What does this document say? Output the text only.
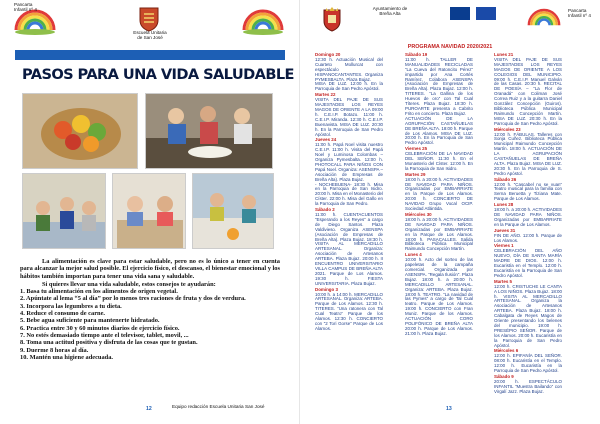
Pancarta
Infantil nº 4
Escuela Unitaria
de San José
PASOS PARA UNA VIDA SALUDABLE

La alimentación es clave para estar saludable, pero no es lo único a tener en cuenta para alcanzar la mejor salud posible. El ejercicio físico, el descanso, el bienestar emocional y los hábitos también importan para tener una vida sana y saludable.

Si quieres llevar una vida saludable, estos consejos te ayudarán:

1. Basa tu alimentación en los alimentos de origen vegetal.
2. Apúntate al lema “5 al día” por lo menos tres raciones de fruta y dos de verdura.
3. Incorpora las legumbres a tu dieta.
4. Reduce el consumo de carne.
5. Bebe agua suficiente para mantenerte hidratado.
6. Practica entre 30 y 60 minutos diarios de ejercicio físico.
7. No estés demasiado tiempo ante el televisor, tablet, movil, ...
8. Toma una actitud positiva y disfruta de las cosas que te gustan.
9. Duerme 8 horas al día.
10. Mantén una higiene adecuada.
Equipo redacción Escuela Unitaria San José
12
Ayuntamiento de
Breña Alta
Pancarta
Infantil nº 4
PROGRAMA NAVIDAD 2020/2021
Domingo 20

12:30 h. Actuación Musical del Cuarteto Mollurcat con espectáculo HISPANOCANTANTES. Organiza PYMESBALTA. Plaza Bujaz.

MISA DE LUZ. 12:00 h. En la Parroquia de San Pedro Apóstol.

Martes 22

VISITA DEL PAJE DE SUS MAJESTADES LOS REYES MAGOS DE ORIENTE A LA 09:00 h. C.E.I.P. Botazo. 11:00 h. C.E.I.P. Miranda. 12:30 h. C.E.I.P. Buenavista. MISA DE LUZ. 20:30 h. En la Parroquia de San Pedro Apóstol.

Jueves 24

11:00 h. Papá Noel visita nuestro C.E.I.P. 11:00 h. Visita del Papá Noel y Luminosa Colombas – Organiza Pymesbalta. 12:00 h. PHOTOCALL PARA NIÑOS CON Papá Noel. Organiza: ASENSPA – Asociación de Empresas de Breña Alta). Plaza Bujaz.

- NOCHEBUENA- 18:30 h. Misa en la Parroquia de San Isidro. 20:00 h. Misa en el Monasterio del Císter. 22:00 h. Misa del Gallo en la Parroquia de San Pedro.

Sábado 2

11:00 h. CUENTACUENTOS “Esperando a los Reyes” a cargo de Diego Santos. Plaza Valdivieso. Organiza ASENSPA (Asociación de Empresas de Breña Alta). Plaza Bujaz. 18:30 h. VISITA AL MERCADILLO ARTESANAL. Organiza: Asociación de Artesanos ARTEBA. Plaza Bujaz. 20:00 h. II ENCUENTRO UNIVERSITARIO VILLA CAMPUS DE BREÑA ALTA 2021. Parque de Los Alamos. 19:30 h. FIESTA UNIVERSITARIA. Plaza Bujaz.

Domingo 3

10:00 h. a 14:00 h. MERCADILLO ARTESANAL. Organiza: ARTEBA. Parque de Los Alamos. 12:30 h. TITERES. “Una ratonera con Tal Cual Teatro” Parque de los Alamos. 12:30 h. CONCIERTO con “2 Tori Gorse” Parque de Los Alamos.

Sábado 19

11:00 h. TALLER DE MANUALIDADES RECICLADAS “La Cueva del Ratoncito Pérez” impartido por Ana Cortés Ramírez. Colabora ASENSPA (Asociación de Empresas de Breña Alta). Plaza Bujaz. 12:00 h. TITERES. “La Gallina de los Huevos de oro” con Tal Cual Títeres. Plaza Bujaz. 18:30 h. PUROARTE presenta a Cabrito Frito en concierto. Plaza Bujaz.

ACTUACIÓN DE LA AGRUPACIÓN CASTAÑUELAS DE BREÑA ALTA. 18:00 h. Parque de Los Alamos. MISA DE LUZ. 20:00 h. En la Parroquia de San Pedro Apóstol.

Viernes 25

CELEBRACIÓN DE LA NAVIDAD DEL SEÑOR. 11:30 h. En el Monasterio del Císter. 12:00 h. En la Parroquia de San Isidro.

Martes 29

18:00 h. a 20:00 h. ACTIVIDADES DE NAVIDAD PARA NIÑOS. Organizadas por EMBARRIATE en la Parque de Los Alamos. 20:00 h. CONCIERTO DE NAVIDAD Grupo Vocal OCIP. Sociedad Atlántida.

Miércoles 30

18:00 h. a 20:00 h. ACTIVIDADES DE NAVIDAD PARA NIÑOS. Organizadas por EMBARRIATE en la Parque de Los Alamos. 18:00 h. PASACALLES. Salida Biblioteca Pública Municipal Raimundo Concepción Martín.

Lunes 4

10:00 h. Acto del sorteo de las papeletas de la campaña comercial. Organizada por ASENSPA. “Regala Ilusión”. Plaza Bujaz. 18:00 h. a 20:00 h. MERCADILLO ARTESANAL. Organiza: ARTEBA. Plaza Bujaz. 18:00 h. TEATRO. “La navidad de las Pymes” a cargo de Tal Cual teatro. Parque de Los Alamos. 19:00 h. CONCIERTO con Fran Muniz. Parque de los Alamos. ACTUACIÓN CORO POLIFÓNICO DE BREÑA ALTA 20:00 h. Parque de Los Alamos. 21:00 h. Plaza Bujaz.

Lunes 21

VISITA DEL PAJE DE SUS MAJESTADES LOS REYES MAGOS DE ORIENTE A LOS COLEGIOS DEL MUNICIPIO. 09:00 h. C.E.I.P. Manuel Galván de las Casas. 20:30 h. RECITAL DE POESÍA – “La Flor de Oranadá” con Coliman José Correa Ruiz y a la guitarra Daniel González Concepción (Guiros). Biblioteca Pública Municipal Raimundo Concepción Martín. MISA DE LUZ. 20:30 h. En la Parroquia de San Pedro Apóstol.

Miércoles 23

12:00 h. FÁBULAS. Talleres con Sonja Cuñez. Biblioteca Pública Municipal Raimundo Concepción Martín. 18:00 h. ACTUACIÓN DE LA AGRUPACIÓN CASTAÑUELAS DE BREÑA ALTA. Plaza Bujaz. MISA DE LUZ. 20:30 h. En la Parroquia de S. Pedro Apóstol.

Sábado 26

12:00 h. “Cascabel no se vuan” Teatro musical para la familia con Serna Beruetta y Tiziana Mate. Parque de Los Alamos.

Lunes 28

18:00 h. a 20:00 h. ACTIVIDADES DE NAVIDAD PARA NIÑOS. Organizadas por EMBARRIATE en la Parque de Los Alamos.

Jueves 31

FIN DE AÑO. 12:00 h. Parque de Los Alamos.

Viernes 1

CELEBRACIÓN DEL AÑO NUEVO, DÍA DE SANTA MARÍA MADRE DE DIOS. 12:00 h. Eucaristía en el Templo. 12:00 h. Eucaristía en la Parroquia de San Pedro Apóstol.

Martes 5

12:00 h. CRISTUCHE LE CANTA A LOS NIÑOS. Plaza Bujaz. 18:00 h. VISITA AL MERCADILLO ARTESANAL. Organiza la Asociación de Artesanos ARTEBA. Plaza Bujaz. 18:00 h. Cabalgata de Reyes Magos de Oriente presentando los belenes del municipio. 19:00 h. PRESÉPIO SEÑOR. Parque de los Alamos. 20:00 h. Eucaristía en la Parroquia de San Pedro Apóstol.

Miércoles 6

12:00 h. EPIFANÍA DEL SEÑOR. 08:00 h. Eucaristía en el Templo. 12:00 h. Eucaristía en la Parroquia de San Pedro Apóstol.

Sábado 9

20:00 h. ESPECTÁCULO INFANTIL “Muestra Bailando” con Virgalí Jazz. Plaza Bujaz.

13
